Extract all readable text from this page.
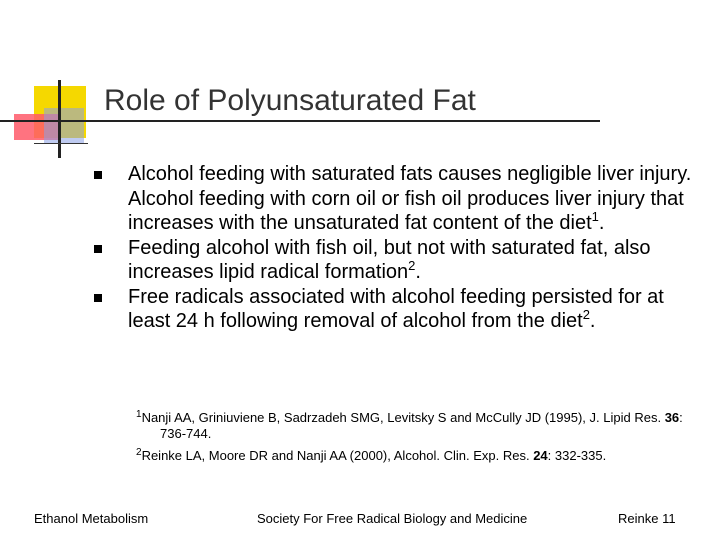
Role of Polyunsaturated Fat
Alcohol feeding with saturated fats causes negligible liver injury. Alcohol feeding with corn oil or fish oil produces liver injury that increases with the unsaturated fat content of the diet$^1$.
Feeding alcohol with fish oil, but not with saturated fat, also increases lipid radical formation$^2$.
Free radicals associated with alcohol feeding persisted for at least 24 h following removal of alcohol from the diet$^2$.
$^1$Nanji AA, Griniuviene B, Sadrzadeh SMG, Levitsky S and McCully JD (1995), J. Lipid Res. 36: 736-744.
$^2$Reinke LA, Moore DR and Nanji AA (2000), Alcohol. Clin. Exp. Res. 24: 332-335.
Ethanol Metabolism	Society For Free Radical Biology and Medicine	Reinke 11
